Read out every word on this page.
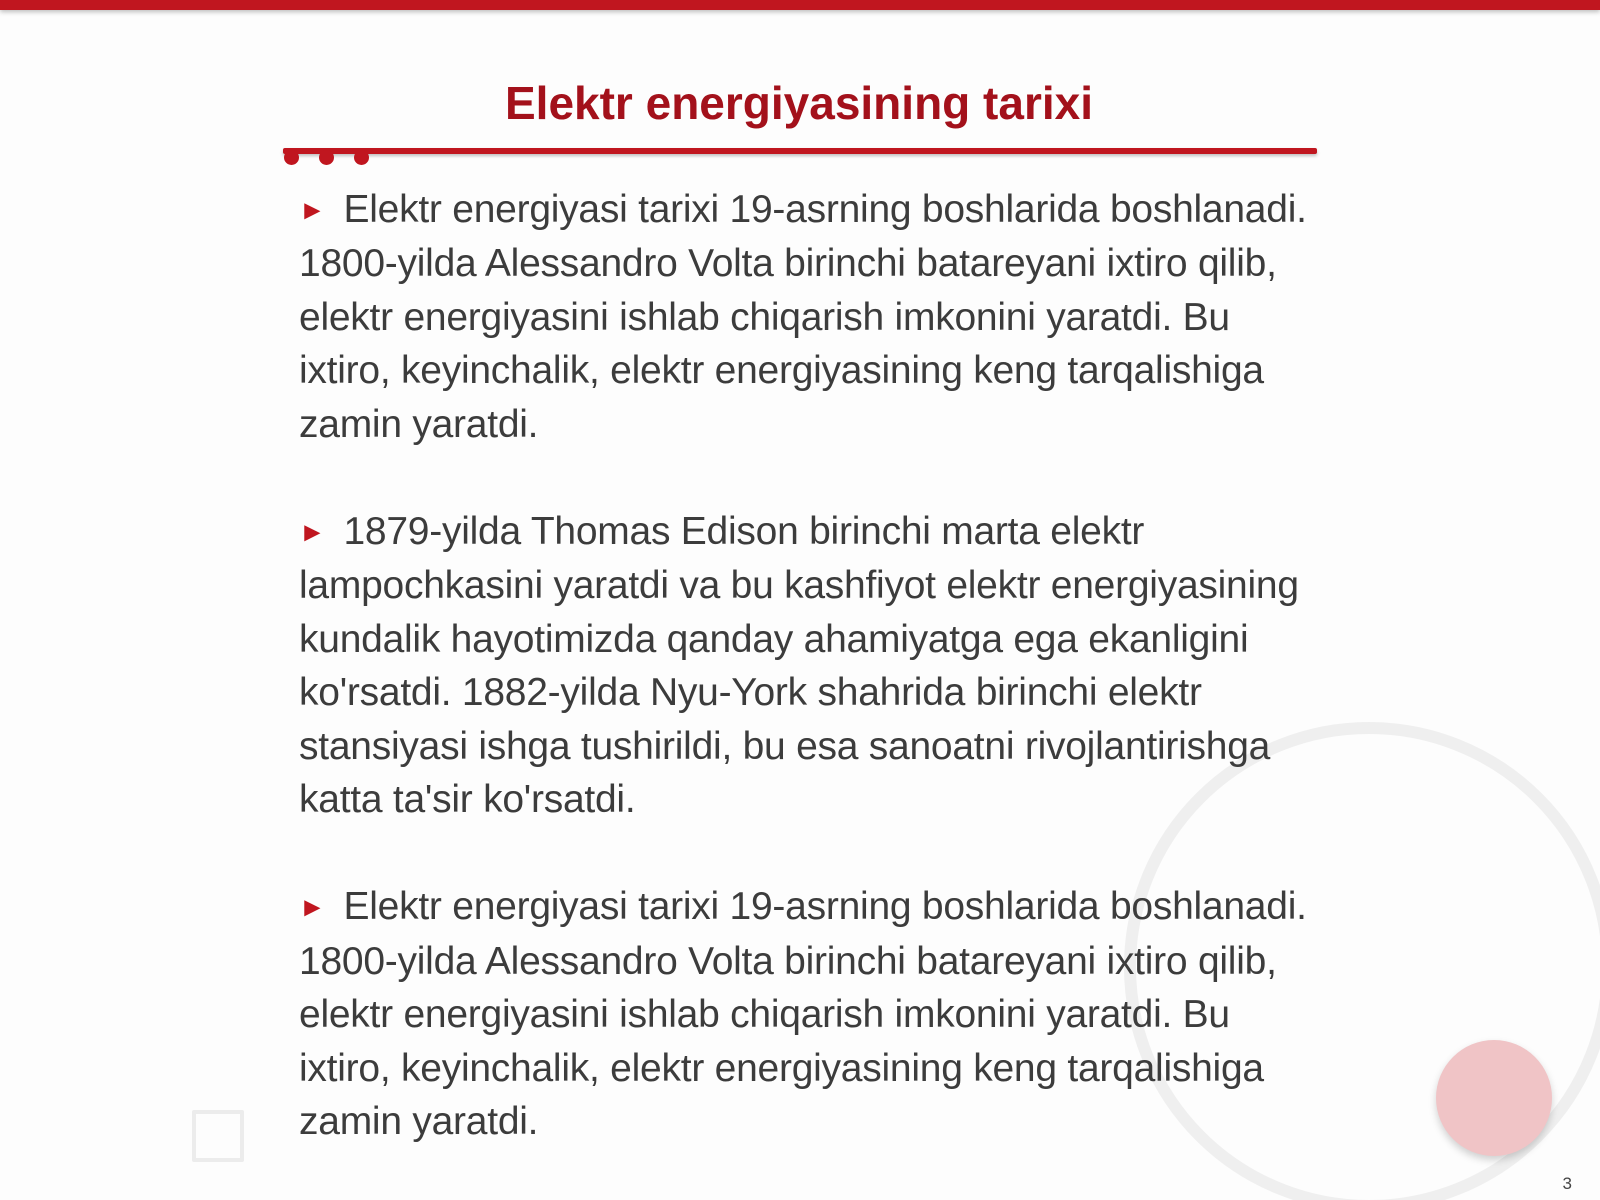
Elektr energiyasining tarixi

► Elektr energiyasi tarixi 19-asrning boshlarida boshlanadi. 1800-yilda Alessandro Volta birinchi batareyani ixtiro qilib, elektr energiyasini ishlab chiqarish imkonini yaratdi. Bu ixtiro, keyinchalik, elektr energiyasining keng tarqalishiga zamin yaratdi.

► 1879-yilda Thomas Edison birinchi marta elektr lampochkasini yaratdi va bu kashfiyot elektr energiyasining kundalik hayotimizda qanday ahamiyatga ega ekanligini ko'rsatdi. 1882-yilda Nyu-York shahrida birinchi elektr stansiyasi ishga tushirildi, bu esa sanoatni rivojlantirishga katta ta'sir ko'rsatdi.

► Elektr energiyasi tarixi 19-asrning boshlarida boshlanadi. 1800-yilda Alessandro Volta birinchi batareyani ixtiro qilib, elektr energiyasini ishlab chiqarish imkonini yaratdi. Bu ixtiro, keyinchalik, elektr energiyasining keng tarqalishiga zamin yaratdi.

3
